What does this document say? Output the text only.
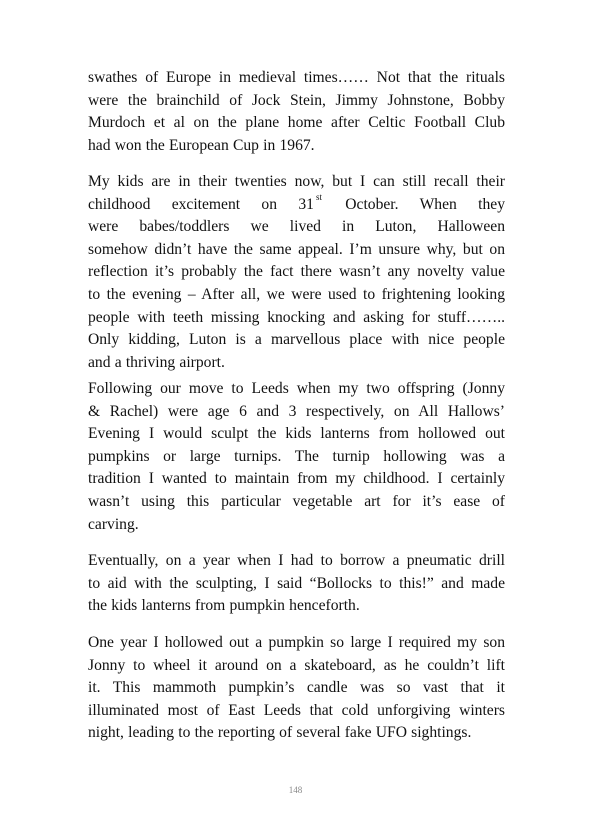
swathes of Europe in medieval times…… Not that the rituals
were the brainchild of Jock Stein, Jimmy Johnstone, Bobby
Murdoch et al on the plane home after Celtic Football Club
had won the European Cup in 1967.
My kids are in their twenties now, but I can still recall their
childhood excitement on 31 $^{st}$ October. When they
were babes/toddlers we lived in Luton, Halloween
somehow didn’t have the same appeal. I’m unsure why, but on
reflection it’s probably the fact there wasn’t any novelty value
to the evening – After all, we were used to frightening looking
people with teeth missing knocking and asking for stuff……..
Only kidding, Luton is a marvellous place with nice people
and a thriving airport.
Following our move to Leeds when my two offspring (Jonny
& Rachel) were age 6 and 3 respectively, on All Hallows’
Evening I would sculpt the kids lanterns from hollowed out
pumpkins or large turnips. The turnip hollowing was a
tradition I wanted to maintain from my childhood. I certainly
wasn’t using this particular vegetable art for it’s ease of
carving.
Eventually, on a year when I had to borrow a pneumatic drill
to aid with the sculpting, I said “Bollocks to this!” and made
the kids lanterns from pumpkin henceforth.
One year I hollowed out a pumpkin so large I required my son
Jonny to wheel it around on a skateboard, as he couldn’t lift
it. This mammoth pumpkin’s candle was so vast that it
illuminated most of East Leeds that cold unforgiving winters
night, leading to the reporting of several fake UFO sightings.
148
